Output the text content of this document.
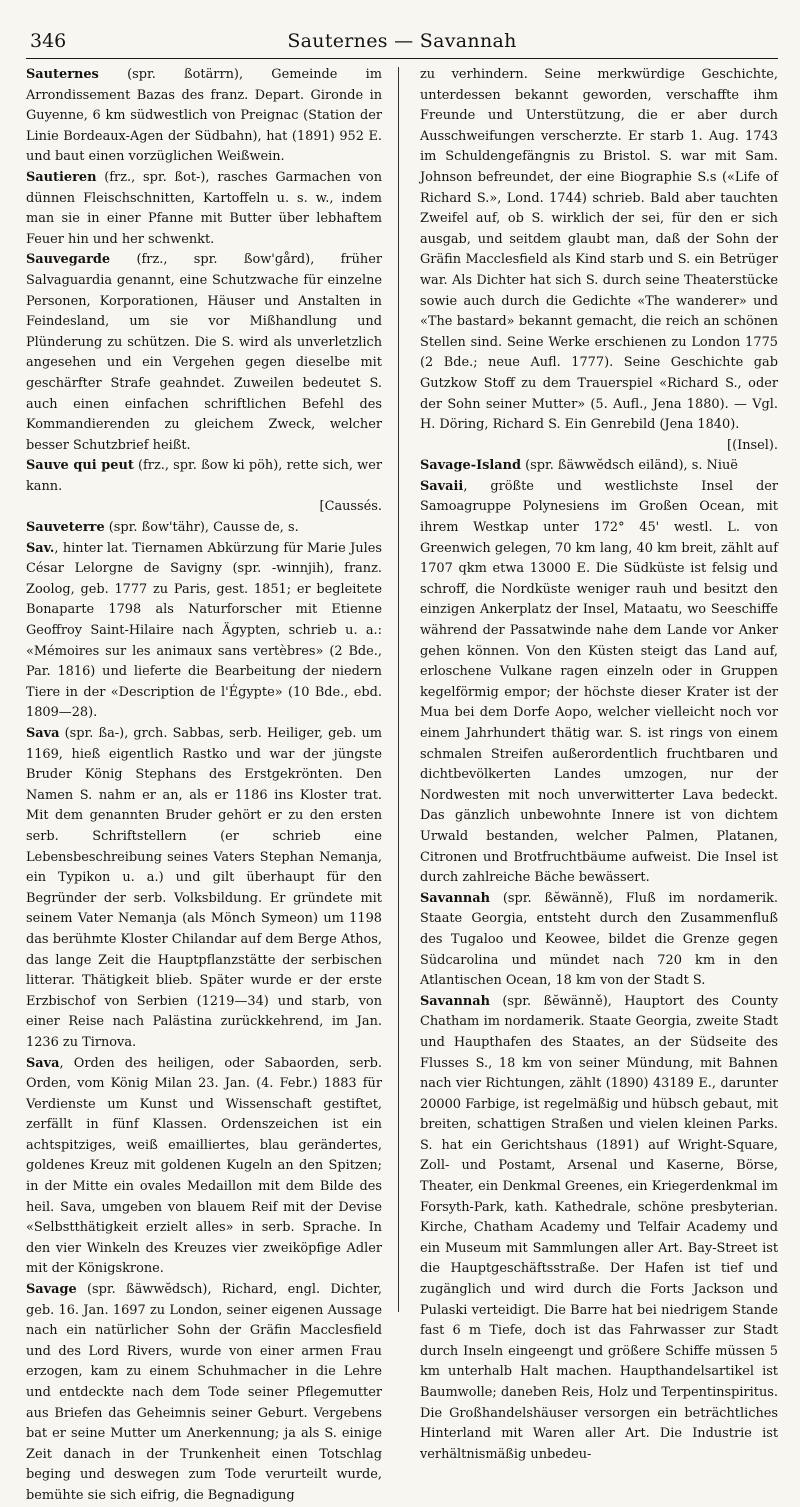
346	Sauternes — Savannah

Sauternes (spr. ßotärrn), Gemeinde im Arrondissement Bazas des franz. Depart. Gironde in Guyenne, 6 km südwestlich von Preignac (Station der Linie Bordeaux-Agen der Südbahn), hat (1891) 952 E. und baut einen vorzüglichen Weißwein.

Sautieren (frz., spr. ßot-), rasches Garmachen von dünnen Fleischschnitten, Kartoffeln u. s. w., indem man sie in einer Pfanne mit Butter über lebhaftem Feuer hin und her schwenkt.

Sauvegarde (frz., spr. ßow'gård), früher Salvaguardia genannt, eine Schutzwache für einzelne Personen, Korporationen, Häuser und Anstalten in Feindesland, um sie vor Mißhandlung und Plünderung zu schützen. Die S. wird als unverletzlich angesehen und ein Vergehen gegen dieselbe mit geschärfter Strafe geahndet. Zuweilen bedeutet S. auch einen einfachen schriftlichen Befehl des Kommandierenden zu gleichem Zweck, welcher besser Schutzbrief heißt.

Sauve qui peut (frz., spr. ßow ki pöh), rette sich, wer kann.
[Caussés.

Sauveterre (spr. ßow'tähr), Causse de, s.

Sav., hinter lat. Tiernamen Abkürzung für Marie Jules César Lelorgne de Savigny (spr. -winnjih), franz. Zoolog, geb. 1777 zu Paris, gest. 1851; er begleitete Bonaparte 1798 als Naturforscher mit Etienne Geoffroy Saint-Hilaire nach Ägypten, schrieb u. a.: «Mémoires sur les animaux sans vertèbres» (2 Bde., Par. 1816) und lieferte die Bearbeitung der niedern Tiere in der «Description de l'Égypte» (10 Bde., ebd. 1809—28).

Sava (spr. ßa-), grch. Sabbas, serb. Heiliger, geb. um 1169, hieß eigentlich Rastko und war der jüngste Bruder König Stephans des Erstgekrönten. Den Namen S. nahm er an, als er 1186 ins Kloster trat. Mit dem genannten Bruder gehört er zu den ersten serb. Schriftstellern (er schrieb eine Lebensbeschreibung seines Vaters Stephan Nemanja, ein Typikon u. a.) und gilt überhaupt für den Begründer der serb. Volksbildung. Er gründete mit seinem Vater Nemanja (als Mönch Symeon) um 1198 das berühmte Kloster Chilandar auf dem Berge Athos, das lange Zeit die Hauptpflanzstätte der serbischen litterar. Thätigkeit blieb. Später wurde er der erste Erzbischof von Serbien (1219—34) und starb, von einer Reise nach Palästina zurückkehrend, im Jan. 1236 zu Tirnova.

Sava, Orden des heiligen, oder Sabaorden, serb. Orden, vom König Milan 23. Jan. (4. Febr.) 1883 für Verdienste um Kunst und Wissenschaft gestiftet, zerfällt in fünf Klassen. Ordenszeichen ist ein achtspitziges, weiß emailliertes, blau gerändertes, goldenes Kreuz mit goldenen Kugeln an den Spitzen; in der Mitte ein ovales Medaillon mit dem Bilde des heil. Sava, umgeben von blauem Reif mit der Devise «Selbstthätigkeit erzielt alles» in serb. Sprache. In den vier Winkeln des Kreuzes vier zweiköpfige Adler mit der Königskrone.

Savage (spr. ßäwwĕdsch), Richard, engl. Dichter, geb. 16. Jan. 1697 zu London, seiner eigenen Aussage nach ein natürlicher Sohn der Gräfin Macclesfield und des Lord Rivers, wurde von einer armen Frau erzogen, kam zu einem Schuhmacher in die Lehre und entdeckte nach dem Tode seiner Pflegemutter aus Briefen das Geheimnis seiner Geburt. Vergebens bat er seine Mutter um Anerkennung; ja als S. einige Zeit danach in der Trunkenheit einen Totschlag beging und deswegen zum Tode verurteilt wurde, bemühte sie sich eifrig, die Begnadigung

zu verhindern. Seine merkwürdige Geschichte, unterdessen bekannt geworden, verschaffte ihm Freunde und Unterstützung, die er aber durch Ausschweifungen verscherzte. Er starb 1. Aug. 1743 im Schuldengefängnis zu Bristol. S. war mit Sam. Johnson befreundet, der eine Biographie S.s («Life of Richard S.», Lond. 1744) schrieb. Bald aber tauchten Zweifel auf, ob S. wirklich der sei, für den er sich ausgab, und seitdem glaubt man, daß der Sohn der Gräfin Macclesfield als Kind starb und S. ein Betrüger war. Als Dichter hat sich S. durch seine Theaterstücke sowie auch durch die Gedichte «The wanderer» und «The bastard» bekannt gemacht, die reich an schönen Stellen sind. Seine Werke erschienen zu London 1775 (2 Bde.; neue Aufl. 1777). Seine Geschichte gab Gutzkow Stoff zu dem Trauerspiel «Richard S., oder der Sohn seiner Mutter» (5. Aufl., Jena 1880). — Vgl. H. Döring, Richard S. Ein Genrebild (Jena 1840).
[(Insel).

Savage-Island (spr. ßäwwĕdsch eiländ), s. Niuë

Savaii, größte und westlichste Insel der Samoagruppe Polynesiens im Großen Ocean, mit ihrem Westkap unter 172° 45' westl. L. von Greenwich gelegen, 70 km lang, 40 km breit, zählt auf 1707 qkm etwa 13000 E. Die Südküste ist felsig und schroff, die Nordküste weniger rauh und besitzt den einzigen Ankerplatz der Insel, Mataatu, wo Seeschiffe während der Passatwinde nahe dem Lande vor Anker gehen können. Von den Küsten steigt das Land auf, erloschene Vulkane ragen einzeln oder in Gruppen kegelförmig empor; der höchste dieser Krater ist der Mua bei dem Dorfe Aopo, welcher vielleicht noch vor einem Jahrhundert thätig war. S. ist rings von einem schmalen Streifen außerordentlich fruchtbaren und dichtbevölkerten Landes umzogen, nur der Nordwesten mit noch unverwitterter Lava bedeckt. Das gänzlich unbewohnte Innere ist von dichtem Urwald bestanden, welcher Palmen, Platanen, Citronen und Brotfruchtbäume aufweist. Die Insel ist durch zahlreiche Bäche bewässert.

Savannah (spr. ßĕwänně), Fluß im nordamerik. Staate Georgia, entsteht durch den Zusammenfluß des Tugaloo und Keowee, bildet die Grenze gegen Südcarolina und mündet nach 720 km in den Atlantischen Ocean, 18 km von der Stadt S.

Savannah (spr. ßĕwänně), Hauptort des County Chatham im nordamerik. Staate Georgia, zweite Stadt und Haupthafen des Staates, an der Südseite des Flusses S., 18 km von seiner Mündung, mit Bahnen nach vier Richtungen, zählt (1890) 43189 E., darunter 20000 Farbige, ist regelmäßig und hübsch gebaut, mit breiten, schattigen Straßen und vielen kleinen Parks. S. hat ein Gerichtshaus (1891) auf Wright-Square, Zoll- und Postamt, Arsenal und Kaserne, Börse, Theater, ein Denkmal Greenes, ein Kriegerdenkmal im Forsyth-Park, kath. Kathedrale, schöne presbyterian. Kirche, Chatham Academy und Telfair Academy und ein Museum mit Sammlungen aller Art. Bay-Street ist die Hauptgeschäftsstraße. Der Hafen ist tief und zugänglich und wird durch die Forts Jackson und Pulaski verteidigt. Die Barre hat bei niedrigem Stande fast 6 m Tiefe, doch ist das Fahrwasser zur Stadt durch Inseln eingeengt und größere Schiffe müssen 5 km unterhalb Halt machen. Haupthandelsartikel ist Baumwolle; daneben Reis, Holz und Terpentinspiritus. Die Großhandelshäuser versorgen ein beträchtliches Hinterland mit Waren aller Art. Die Industrie ist verhältnismäßig unbedeu-
